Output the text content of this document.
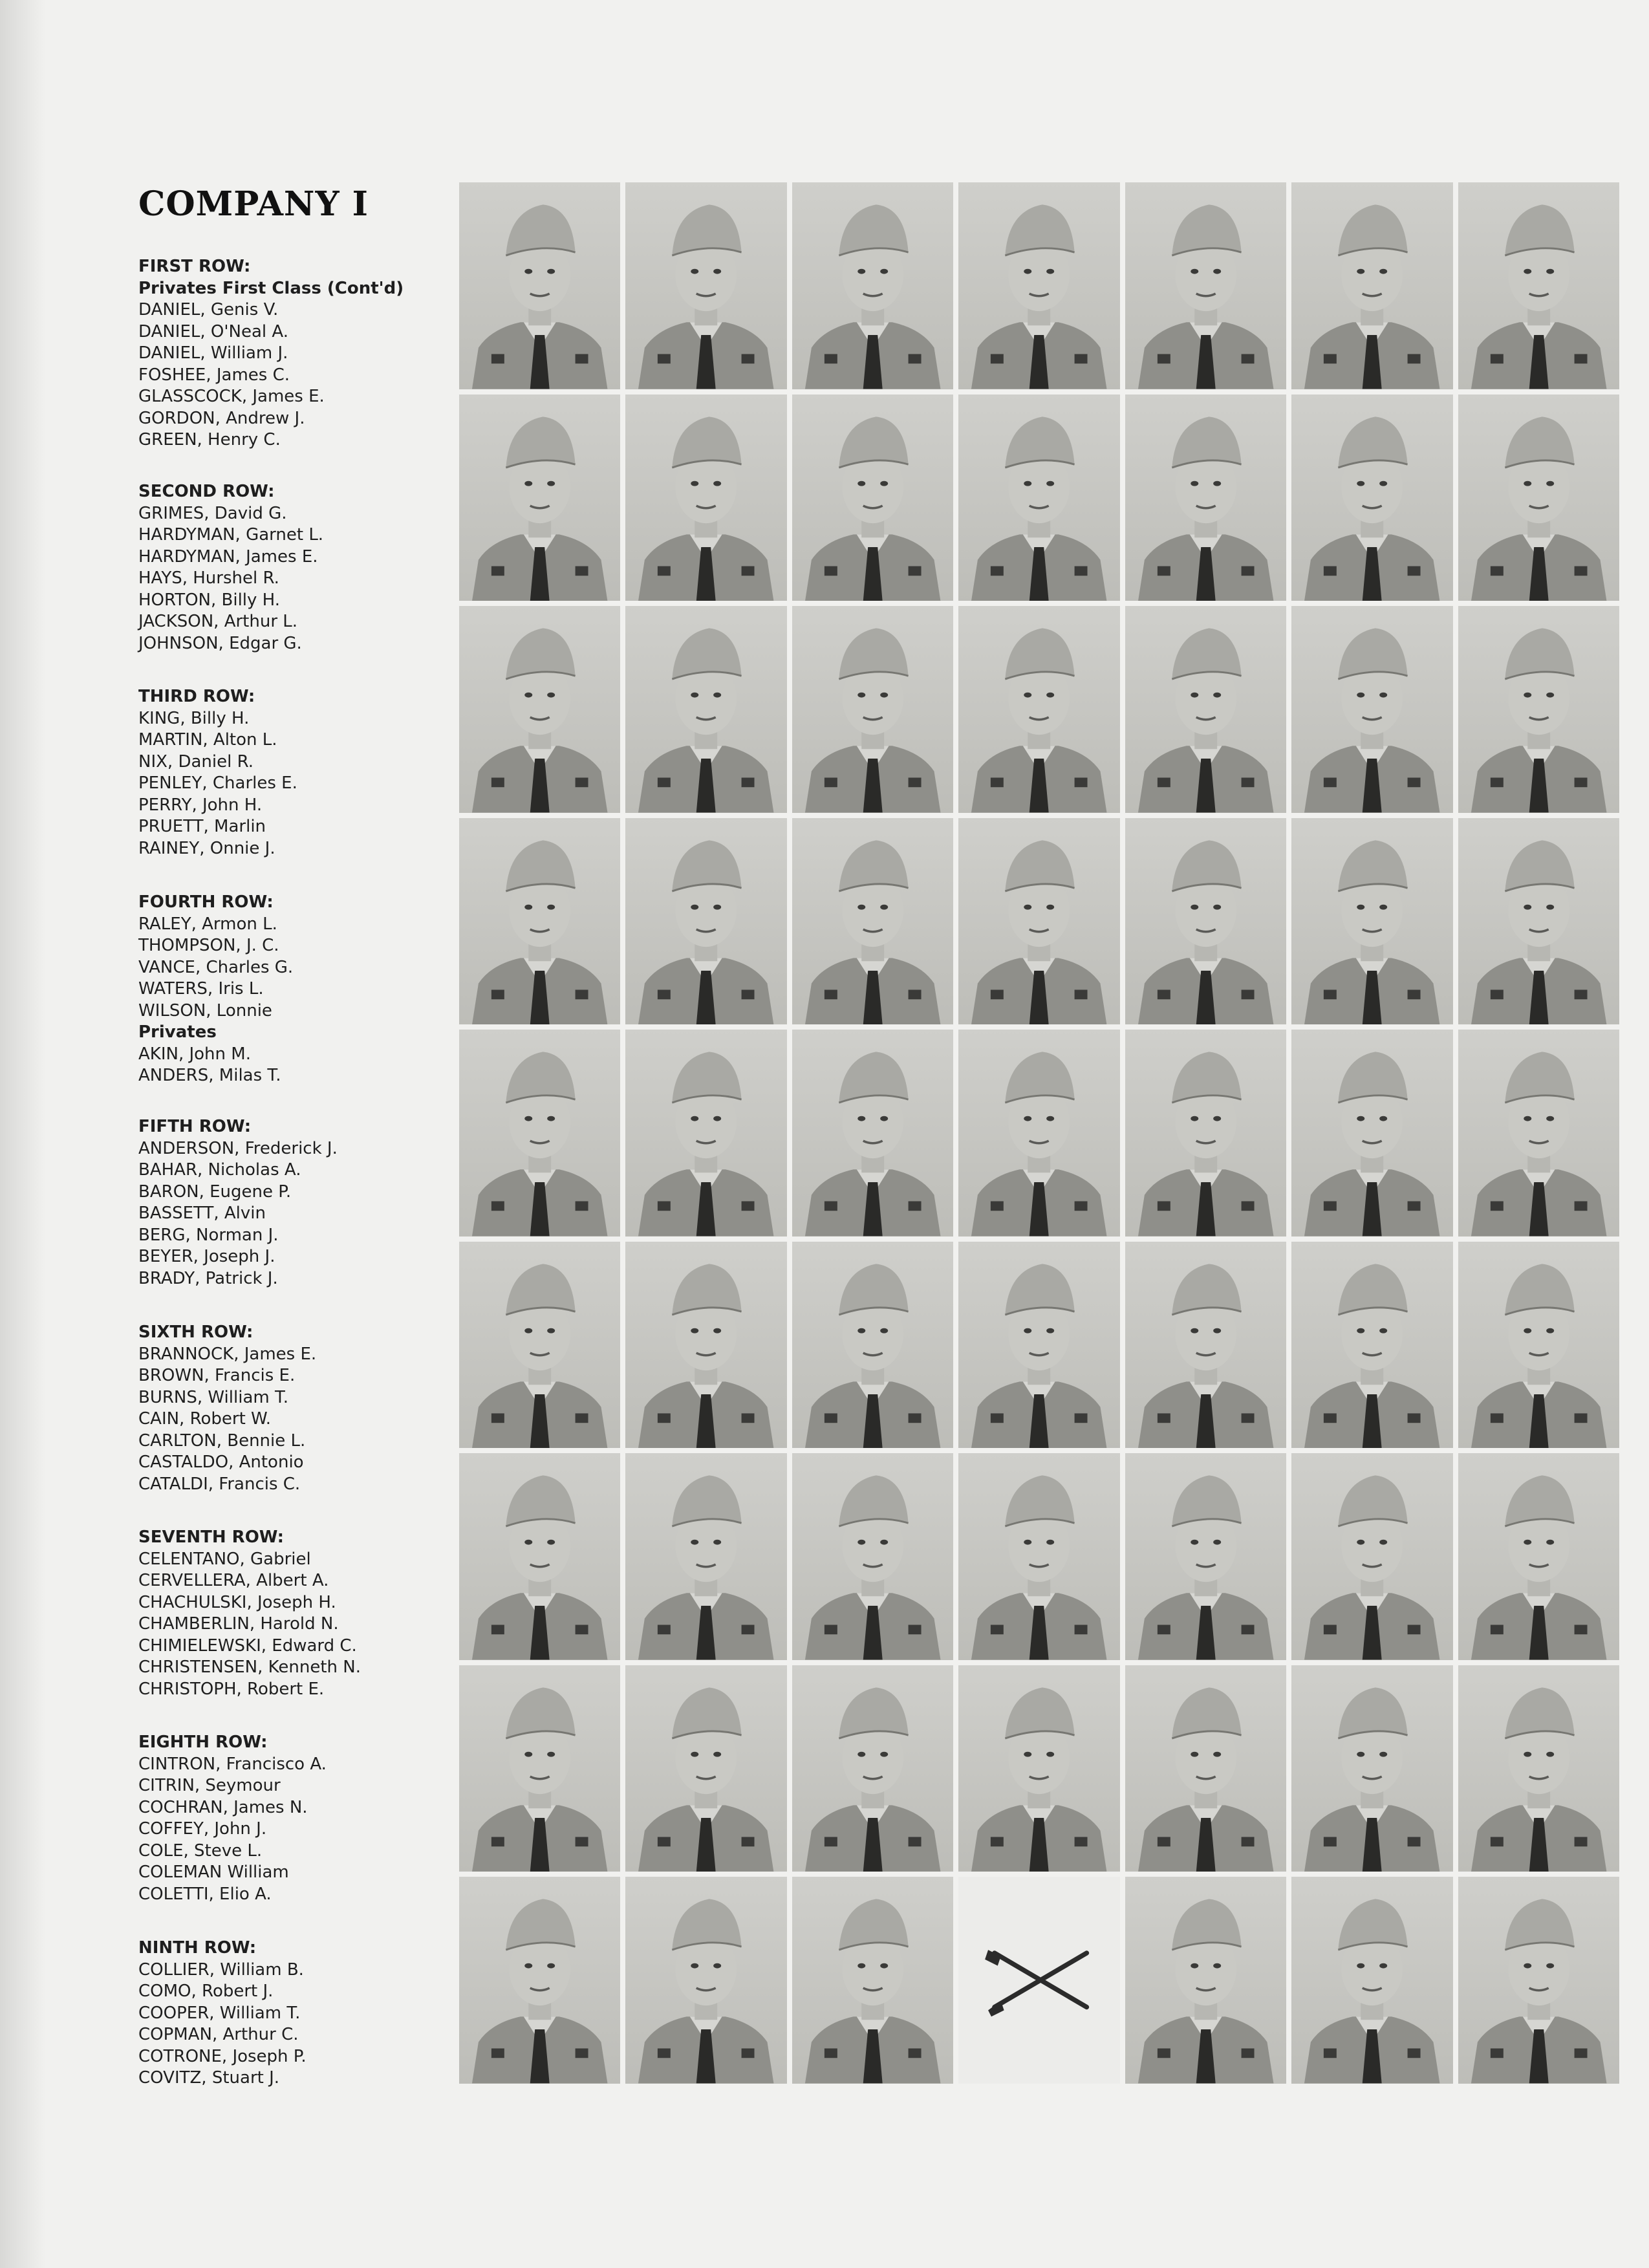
COMPANY I
FIRST ROW:
Privates First Class (Cont'd)
DANIEL, Genis V.
DANIEL, O'Neal A.
DANIEL, William J.
FOSHEE, James C.
GLASSCOCK, James E.
GORDON, Andrew J.
GREEN, Henry C.
SECOND ROW:
GRIMES, David G.
HARDYMAN, Garnet L.
HARDYMAN, James E.
HAYS, Hurshel R.
HORTON, Billy H.
JACKSON, Arthur L.
JOHNSON, Edgar G.
THIRD ROW:
KING, Billy H.
MARTIN, Alton L.
NIX, Daniel R.
PENLEY, Charles E.
PERRY, John H.
PRUETT, Marlin
RAINEY, Onnie J.
FOURTH ROW:
RALEY, Armon L.
THOMPSON, J. C.
VANCE, Charles G.
WATERS, Iris L.
WILSON, Lonnie
Privates
AKIN, John M.
ANDERS, Milas T.
FIFTH ROW:
ANDERSON, Frederick J.
BAHAR, Nicholas A.
BARON, Eugene P.
BASSETT, Alvin
BERG, Norman J.
BEYER, Joseph J.
BRADY, Patrick J.
SIXTH ROW:
BRANNOCK, James E.
BROWN, Francis E.
BURNS, William T.
CAIN, Robert W.
CARLTON, Bennie L.
CASTALDO, Antonio
CATALDI, Francis C.
SEVENTH ROW:
CELENTANO, Gabriel
CERVELLERA, Albert A.
CHACHULSKI, Joseph H.
CHAMBERLIN, Harold N.
CHIMIELEWSKI, Edward C.
CHRISTENSEN, Kenneth N.
CHRISTOPH, Robert E.
EIGHTH ROW:
CINTRON, Francisco A.
CITRIN, Seymour
COCHRAN, James N.
COFFEY, John J.
COLE, Steve L.
COLEMAN William
COLETTI, Elio A.
NINTH ROW:
COLLIER, William B.
COMO, Robert J.
COOPER, William T.
COPMAN, Arthur C.
COTRONE, Joseph P.
COVITZ, Stuart J.
